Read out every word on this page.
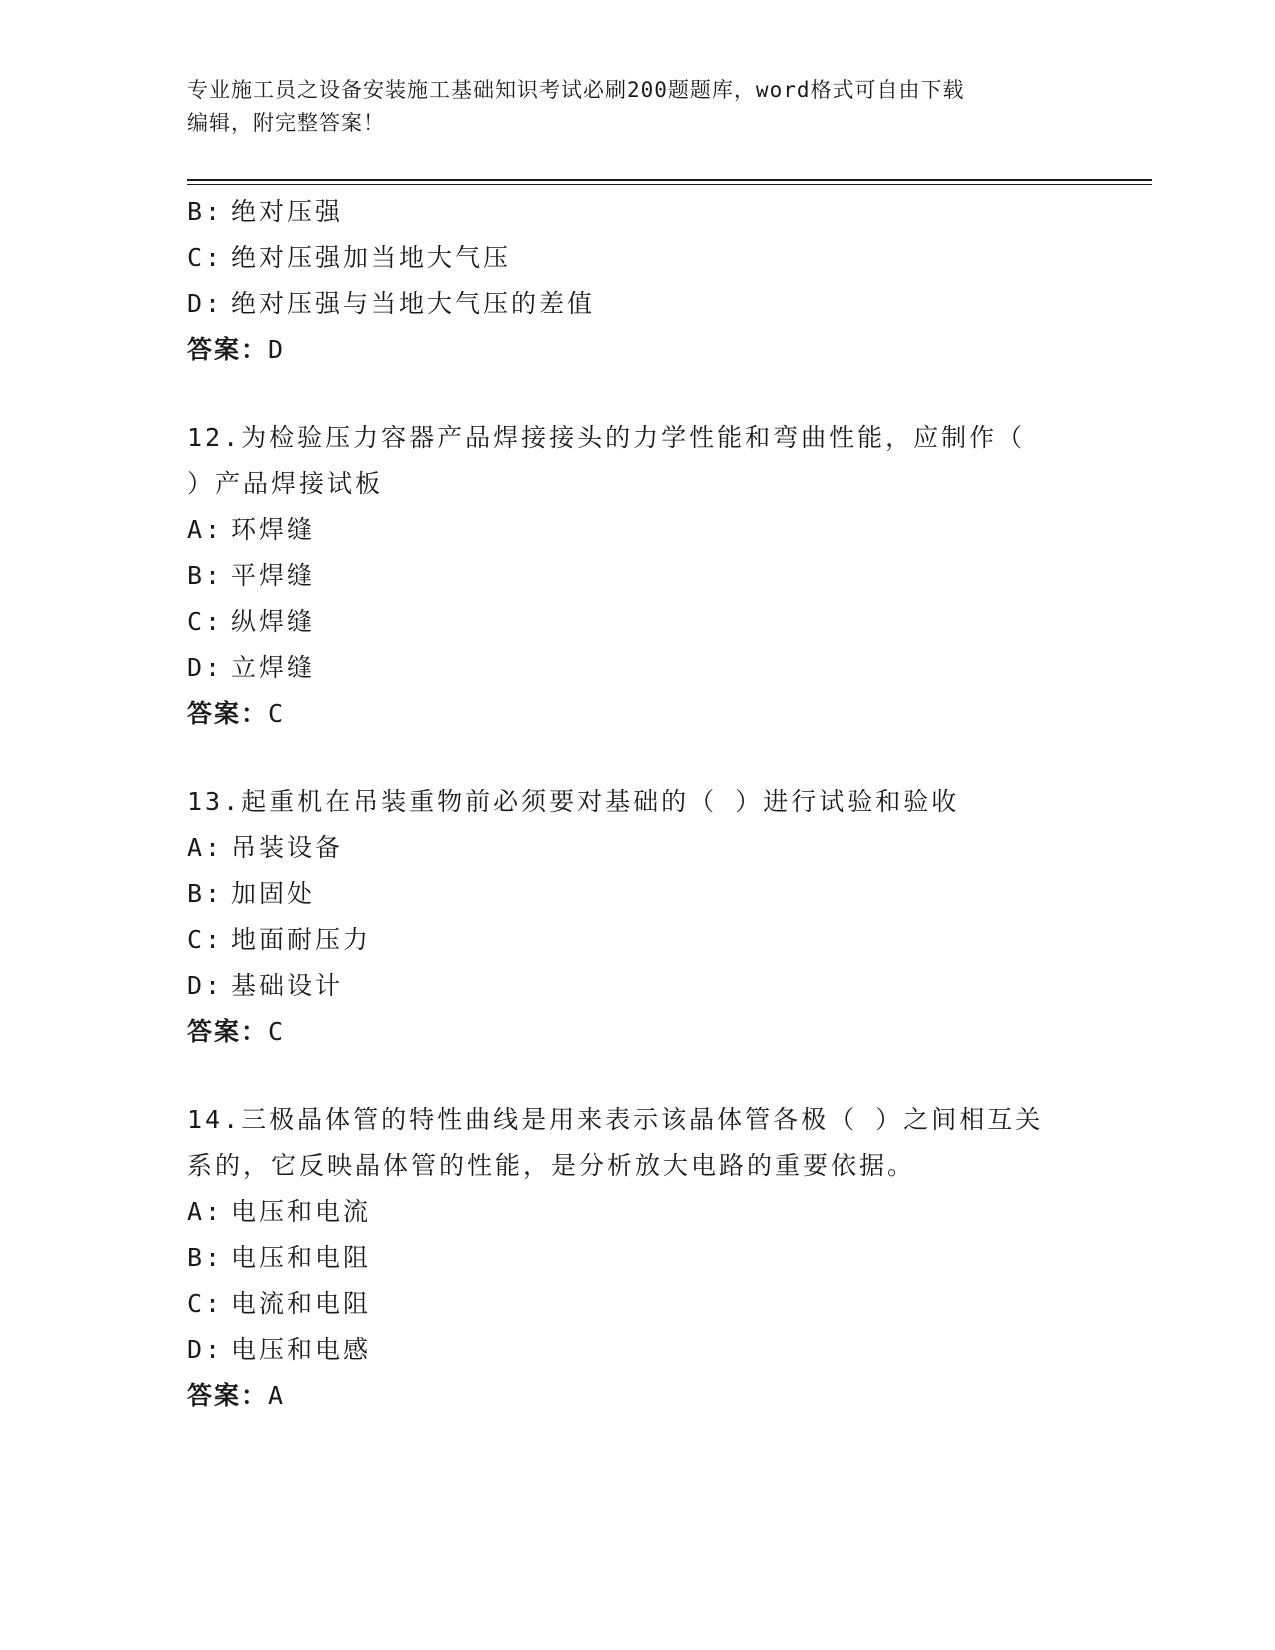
专业施工员之设备安装施工基础知识考试必刷200题题库，word格式可自由下载
编辑，附完整答案！
B: 绝对压强
C: 绝对压强加当地大气压
D: 绝对压强与当地大气压的差值
答案：D
12.为检验压力容器产品焊接接头的力学性能和弯曲性能，应制作（
）产品焊接试板
A: 环焊缝
B: 平焊缝
C: 纵焊缝
D: 立焊缝
答案：C
13.起重机在吊装重物前必须要对基础的（ ）进行试验和验收
A: 吊装设备
B: 加固处
C: 地面耐压力
D: 基础设计
答案：C
14.三极晶体管的特性曲线是用来表示该晶体管各极（ ）之间相互关
系的，它反映晶体管的性能，是分析放大电路的重要依据。
A: 电压和电流
B: 电压和电阻
C: 电流和电阻
D: 电压和电感
答案：A
